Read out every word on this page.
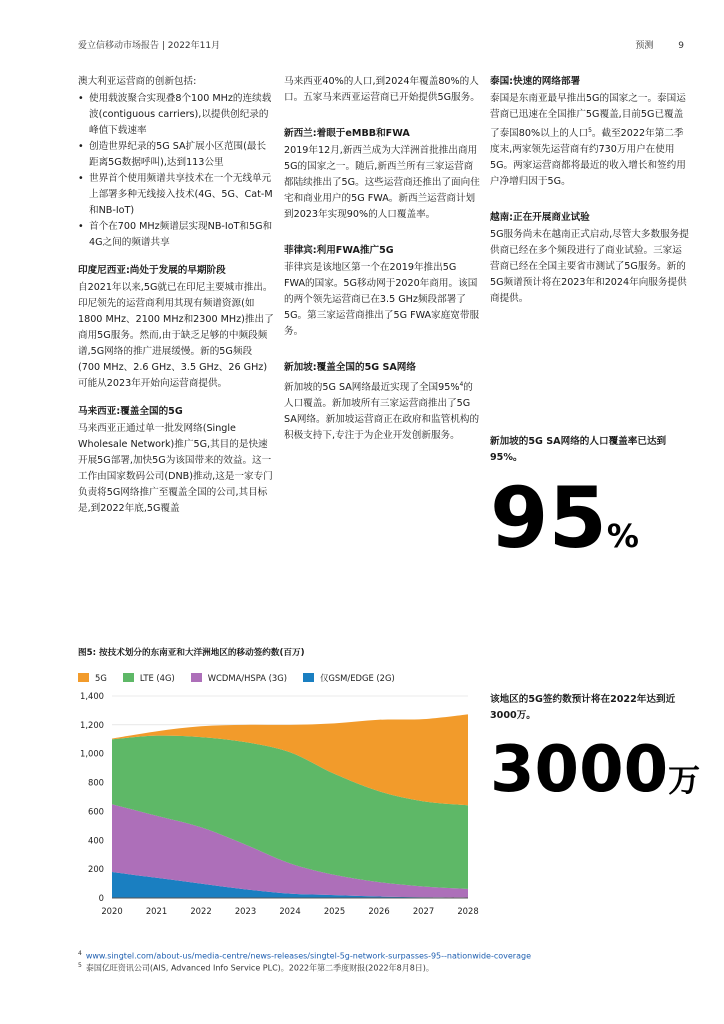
爱立信移动市场报告 | 2022年11月	预测	9

澳大利亚运营商的创新包括:

• 使用载波聚合实现叠8个100 MHz的连续载波(contiguous carriers),以提供创纪录的峰值下载速率
• 创造世界纪录的5G SA扩展小区范围(最长距离5G数据呼叫),达到113公里
• 世界首个使用频谱共享技术在一个无线单元上部署多种无线接入技术(4G、5G、Cat-M和NB-IoT)
• 首个在700 MHz频谱层实现NB-IoT和5G和4G之间的频谱共享
印度尼西亚:尚处于发展的早期阶段

自2021年以来,5G就已在印尼主要城市推出。印尼领先的运营商利用其现有频谱资源(如1800 MHz、2100 MHz和2300 MHz)推出了商用5G服务。然而,由于缺乏足够的中频段频谱,5G网络的推广进展缓慢。新的5G频段(700 MHz、2.6 GHz、3.5 GHz、26 GHz)可能从2023年开始向运营商提供。

马来西亚:覆盖全国的5G

马来西亚正通过单一批发网络(Single Wholesale Network)推广5G,其目的是快速开展5G部署,加快5G为该国带来的效益。这一工作由国家数码公司(DNB)推动,这是一家专门负责将5G网络推广至覆盖全国的公司,其目标是,到2022年底,5G覆盖

马来西亚40%的人口,到2024年覆盖80%的人口。五家马来西亚运营商已开始提供5G服务。

新西兰:着眼于eMBB和FWA

2019年12月,新西兰成为大洋洲首批推出商用5G的国家之一。随后,新西兰所有三家运营商都陆续推出了5G。这些运营商还推出了面向住宅和商业用户的5G FWA。新西兰运营商计划到2023年实现90%的人口覆盖率。

菲律宾:利用FWA推广5G

菲律宾是该地区第一个在2019年推出5G FWA的国家。5G移动网于2020年商用。该国的两个领先运营商已在3.5 GHz频段部署了5G。第三家运营商推出了5G FWA家庭宽带服务。

新加坡:覆盖全国的5G SA网络

新加坡的5G SA网络最近实现了全国95%$^4$的人口覆盖。新加坡所有三家运营商推出了5G SA网络。新加坡运营商正在政府和监管机构的积极支持下,专注于为企业开发创新服务。

泰国:快速的网络部署

泰国是东南亚最早推出5G的国家之一。泰国运营商已迅速在全国推广5G覆盖,目前5G已覆盖了泰国80%以上的人口$^5$。截至2022年第二季度末,两家领先运营商有约730万用户在使用5G。两家运营商都将最近的收入增长和签约用户净增归因于5G。

越南:正在开展商业试验

5G服务尚未在越南正式启动,尽管大多数服务提供商已经在多个频段进行了商业试验。三家运营商已经在全国主要省市测试了5G服务。新的5G频谱预计将在2023年和2024年向服务提供商提供。

新加坡的5G SA网络的人口覆盖率已达到95%。
95%
该地区的5G签约数预计将在2022年达到近3000万。
3000万
图5: 按技术划分的东南亚和大洋洲地区的移动签约数(百万)
5G	LTE (4G)	WCDMA/HSPA (3G)	仅GSM/EDGE (2G)
0
200
400
600
800
1,000
1,200
1,400
2020	2021	2022	2023	2024	2025	2026	2027	2028
$^4$ www.singtel.com/about-us/media-centre/news-releases/singtel-5g-network-surpasses-95--nationwide-coverage
$^5$ 泰国亿旺资讯公司(AIS, Advanced Info Service PLC)。2022年第二季度财报(2022年8月8日)。
